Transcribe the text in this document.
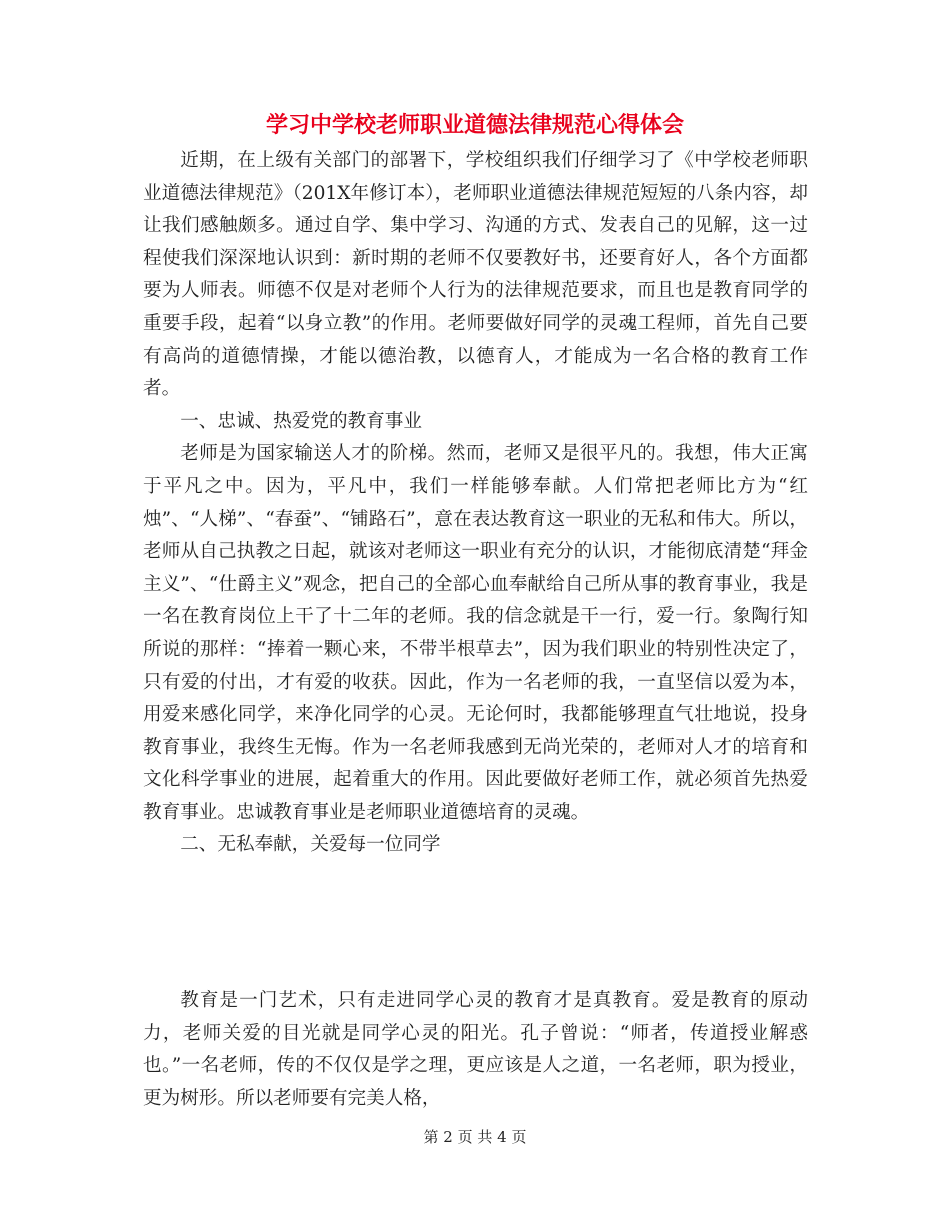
学习中学校老师职业道德法律规范心得体会

近期，在上级有关部门的部署下，学校组织我们仔细学习了《中学校老师职业道德法律规范》（201X年修订本），老师职业道德法律规范短短的八条内容，却让我们感触颇多。通过自学、集中学习、沟通的方式、发表自己的见解，这一过程使我们深深地认识到：新时期的老师不仅要教好书，还要育好人，各个方面都要为人师表。师德不仅是对老师个人行为的法律规范要求，而且也是教育同学的重要手段，起着“以身立教”的作用。老师要做好同学的灵魂工程师，首先自己要有高尚的道德情操，才能以德治教，以德育人，才能成为一名合格的教育工作者。

一、忠诚、热爱党的教育事业

老师是为国家输送人才的阶梯。然而，老师又是很平凡的。我想，伟大正寓于平凡之中。因为，平凡中，我们一样能够奉献。人们常把老师比方为“红烛”、“人梯”、“春蚕”、“铺路石”，意在表达教育这一职业的无私和伟大。所以，老师从自己执教之日起，就该对老师这一职业有充分的认识，才能彻底清楚“拜金主义”、“仕爵主义”观念，把自己的全部心血奉献给自己所从事的教育事业，我是一名在教育岗位上干了十二年的老师。我的信念就是干一行，爱一行。象陶行知所说的那样：“捧着一颗心来，不带半根草去”，因为我们职业的特别性决定了，只有爱的付出，才有爱的收获。因此，作为一名老师的我，一直坚信以爱为本，用爱来感化同学，来净化同学的心灵。无论何时，我都能够理直气壮地说，投身教育事业，我终生无悔。作为一名老师我感到无尚光荣的，老师对人才的培育和文化科学事业的进展，起着重大的作用。因此要做好老师工作，就必须首先热爱教育事业。忠诚教育事业是老师职业道德培育的灵魂。

二、无私奉献，关爱每一位同学

教育是一门艺术，只有走进同学心灵的教育才是真教育。爱是教育的原动力，老师关爱的目光就是同学心灵的阳光。孔子曾说：“师者，传道授业解惑也。”一名老师，传的不仅仅是学之理，更应该是人之道，一名老师，职为授业，更为树形。所以老师要有完美人格，

第 2 页 共 4 页
